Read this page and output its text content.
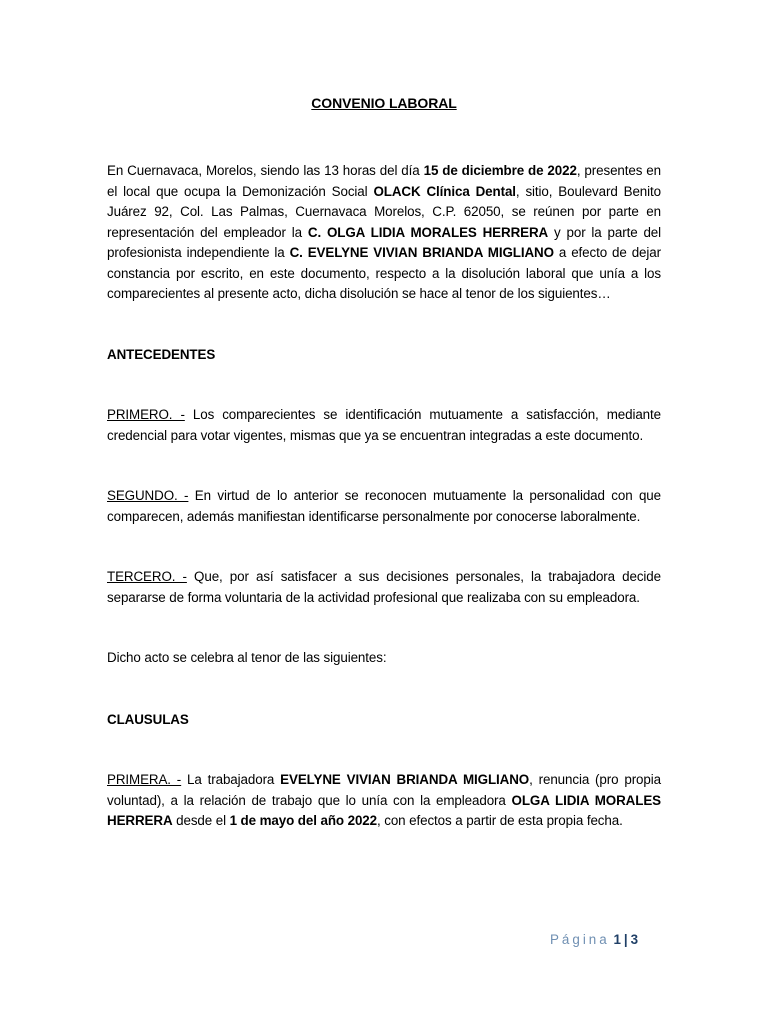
CONVENIO LABORAL

En Cuernavaca, Morelos, siendo las 13 horas del día 15 de diciembre de 2022, presentes en el local que ocupa la Demonización Social OLACK Clínica Dental, sitio, Boulevard Benito Juárez 92, Col. Las Palmas, Cuernavaca Morelos, C.P. 62050, se reúnen por parte en representación del empleador la C. OLGA LIDIA MORALES HERRERA y por la parte del profesionista independiente la C. EVELYNE VIVIAN BRIANDA MIGLIANO a efecto de dejar constancia por escrito, en este documento, respecto a la disolución laboral que unía a los comparecientes al presente acto, dicha disolución se hace al tenor de los siguientes…

ANTECEDENTES

PRIMERO. - Los comparecientes se identificación mutuamente a satisfacción, mediante credencial para votar vigentes, mismas que ya se encuentran integradas a este documento.

SEGUNDO. - En virtud de lo anterior se reconocen mutuamente la personalidad con que comparecen, además manifiestan identificarse personalmente por conocerse laboralmente.

TERCERO. - Que, por así satisfacer a sus decisiones personales, la trabajadora decide separarse de forma voluntaria de la actividad profesional que realizaba con su empleadora.

Dicho acto se celebra al tenor de las siguientes:

CLAUSULAS

PRIMERA. - La trabajadora EVELYNE VIVIAN BRIANDA MIGLIANO, renuncia (pro propia voluntad), a la relación de trabajo que lo unía con la empleadora OLGA LIDIA MORALES HERRERA desde el 1 de mayo del año 2022, con efectos a partir de esta propia fecha.

Página 1 | 3
